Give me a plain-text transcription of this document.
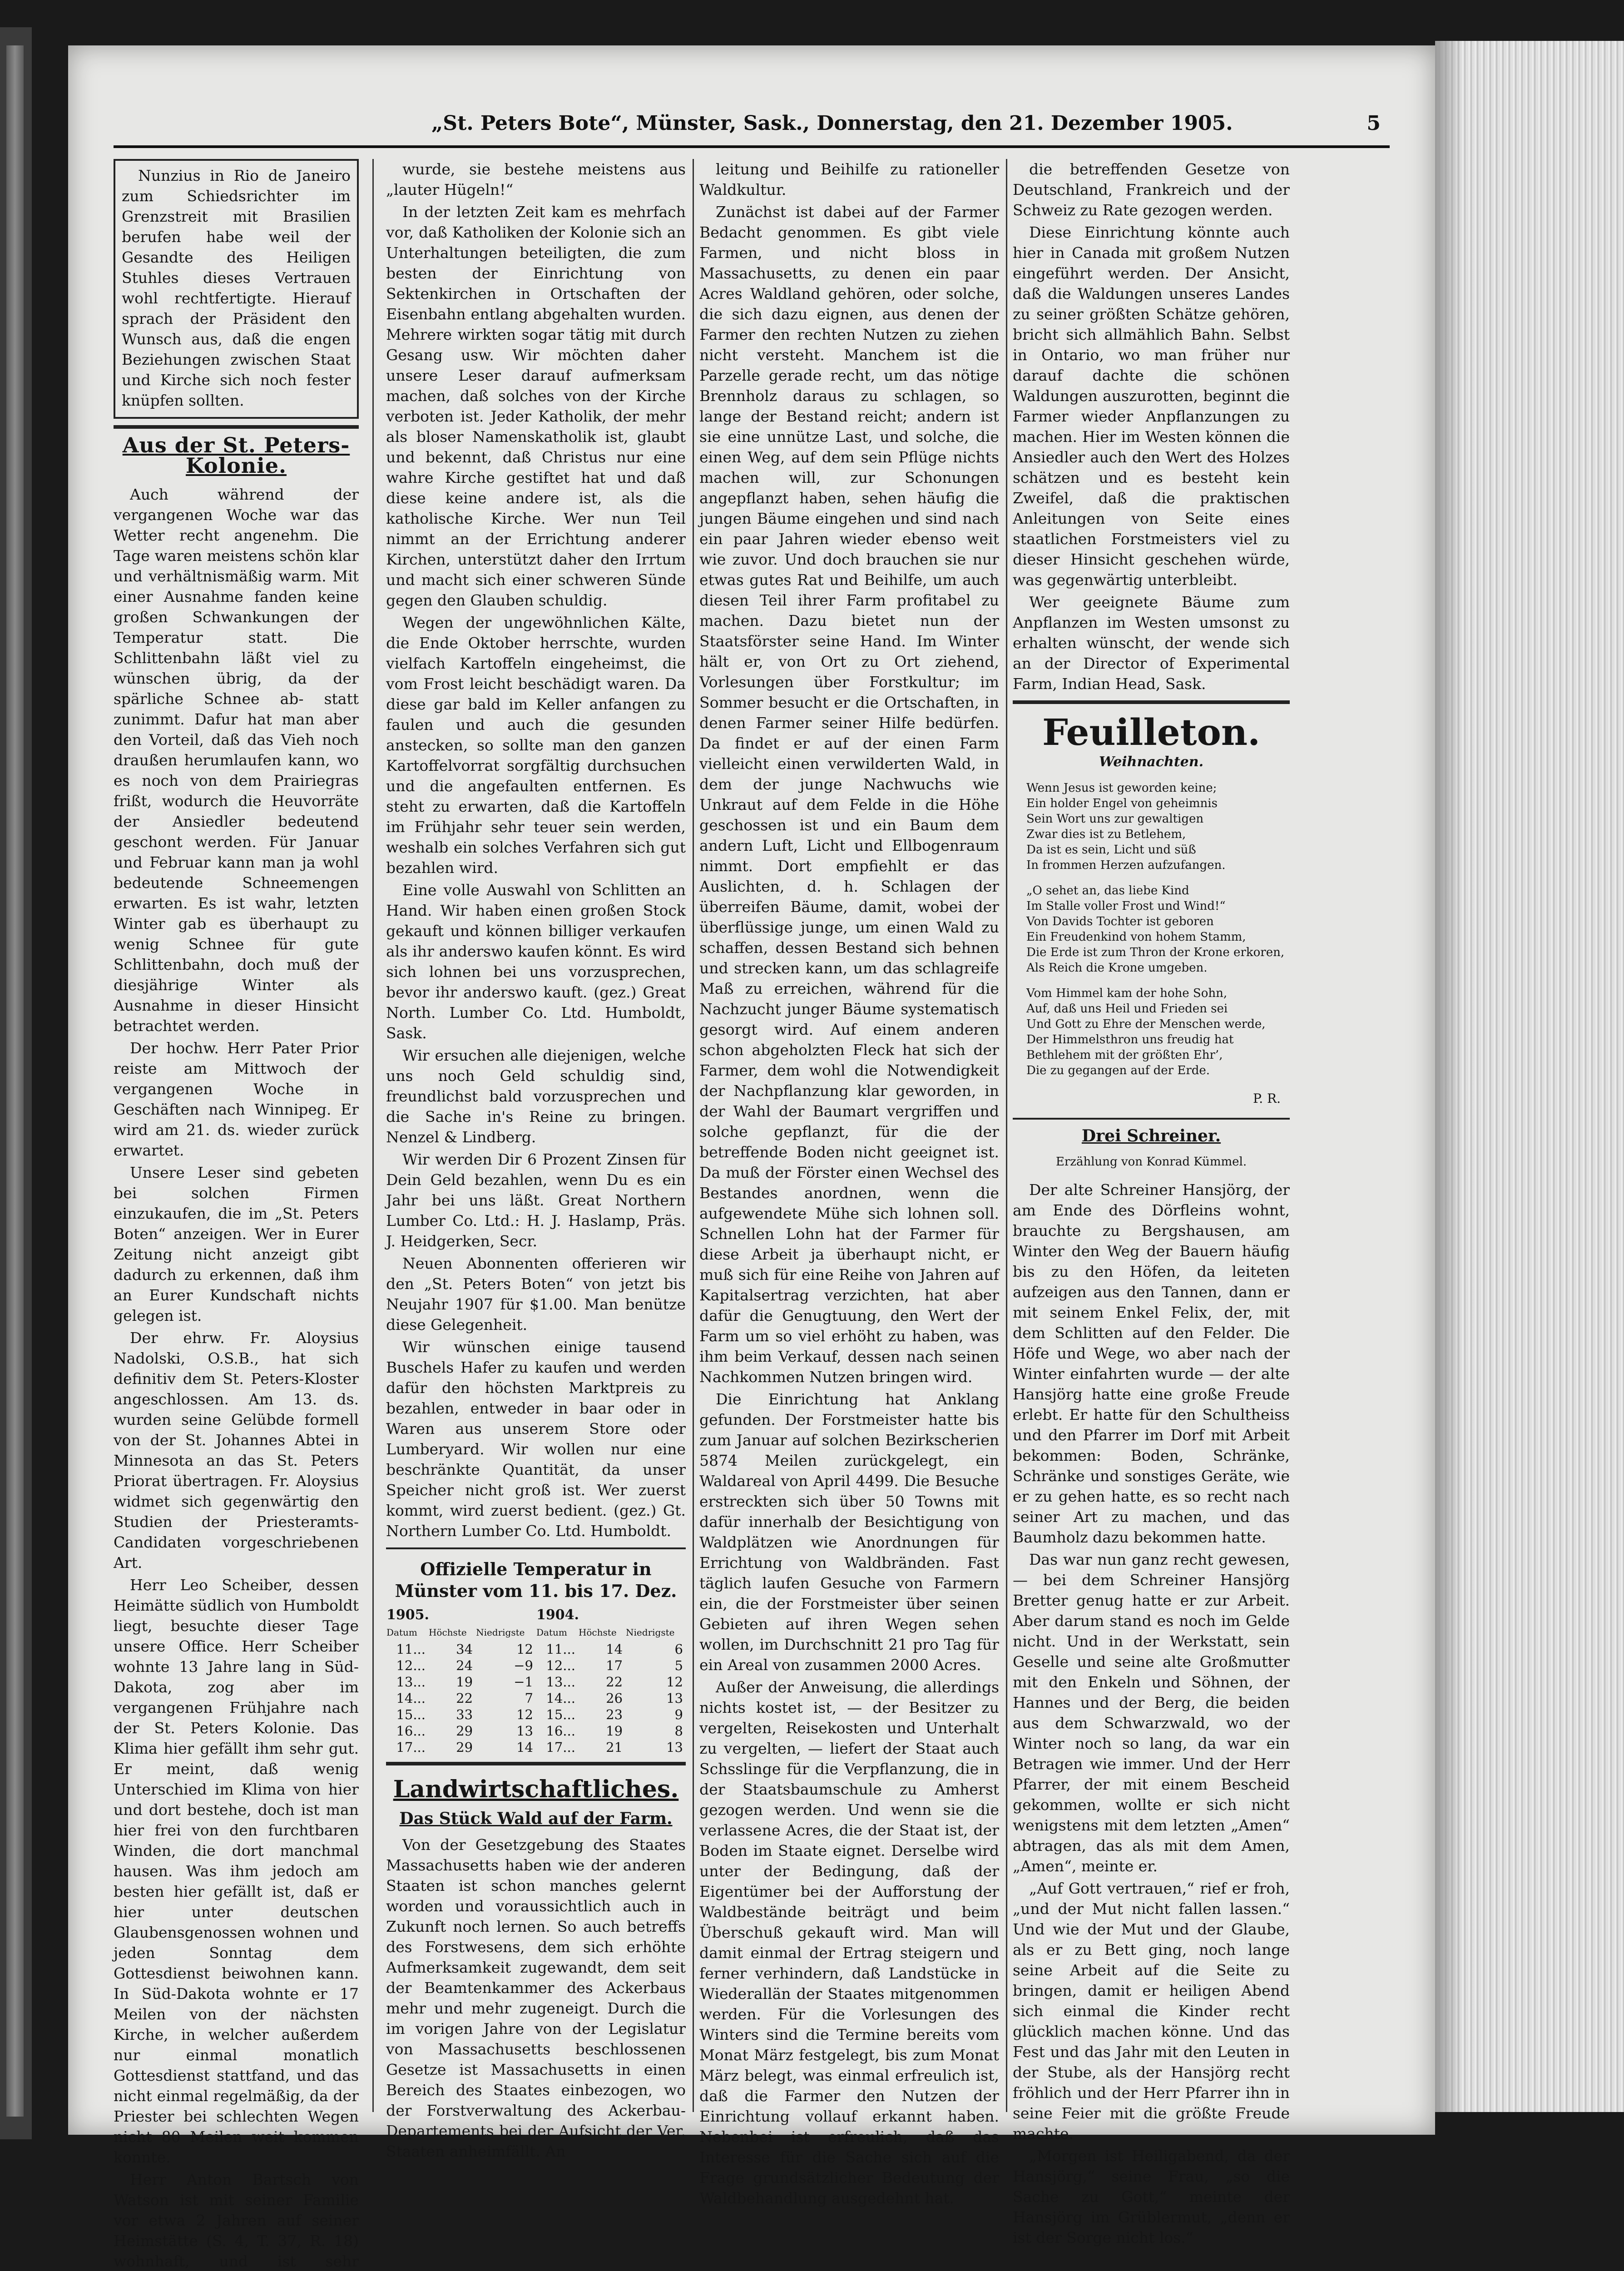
„St. Peters Bote“, Münster, Sask., Donnerstag, den 21. Dezember 1905.	5

Nunzius in Rio de Janeiro zum Schiedsrichter im Grenzstreit mit Brasilien berufen habe weil der Gesandte des Heiligen Stuhles dieses Vertrauen wohl rechtfertigte. Hierauf sprach der Präsident den Wunsch aus, daß die engen Beziehungen zwischen Staat und Kirche sich noch fester knüpfen sollten.

Aus der St. Peters-Kolonie.

Auch während der vergangenen Woche war das Wetter recht angenehm. Die Tage waren meistens schön klar und verhältnismäßig warm. Mit einer Ausnahme fanden keine großen Schwankungen der Temperatur statt. Die Schlittenbahn läßt viel zu wünschen übrig, da der spärliche Schnee ab- statt zunimmt. Dafur hat man aber den Vorteil, daß das Vieh noch draußen herumlaufen kann, wo es noch von dem Prairiegras frißt, wodurch die Heuvorräte der Ansiedler bedeutend geschont werden. Für Januar und Februar kann man ja wohl bedeutende Schneemengen erwarten. Es ist wahr, letzten Winter gab es überhaupt zu wenig Schnee für gute Schlittenbahn, doch muß der diesjährige Winter als Ausnahme in dieser Hinsicht betrachtet werden.

Der hochw. Herr Pater Prior reiste am Mittwoch der vergangenen Woche in Geschäften nach Winnipeg. Er wird am 21. ds. wieder zurück erwartet.

Unsere Leser sind gebeten bei solchen Firmen einzukaufen, die im „St. Peters Boten“ anzeigen. Wer in Eurer Zeitung nicht anzeigt gibt dadurch zu erkennen, daß ihm an Eurer Kundschaft nichts gelegen ist.

Der ehrw. Fr. Aloysius Nadolski, O.S.B., hat sich definitiv dem St. Peters-Kloster angeschlossen. Am 13. ds. wurden seine Gelübde formell von der St. Johannes Abtei in Minnesota an das St. Peters Priorat übertragen. Fr. Aloysius widmet sich gegenwärtig den Studien der Priesteramts-Candidaten vorgeschriebenen Art.

Herr Leo Scheiber, dessen Heimätte südlich von Humboldt liegt, besuchte dieser Tage unsere Office. Herr Scheiber wohnte 13 Jahre lang in Süd-Dakota, zog aber im vergangenen Frühjahre nach der St. Peters Kolonie. Das Klima hier gefällt ihm sehr gut. Er meint, daß wenig Unterschied im Klima von hier und dort bestehe, doch ist man hier frei von den furchtbaren Winden, die dort manchmal hausen. Was ihm jedoch am besten hier gefällt ist, daß er hier unter deutschen Glaubensgenossen wohnen und jeden Sonntag dem Gottesdienst beiwohnen kann. In Süd-Dakota wohnte er 17 Meilen von der nächsten Kirche, in welcher außerdem nur einmal monatlich Gottesdienst stattfand, und das nicht einmal regelmäßig, da der Priester bei schlechten Wegen nicht 80 Meilen weit kommen konnte.

Herr Anton Bartsch von Watson ist mit seiner Familie vor etwa 2 Jahren auf seiner Heimstätte (S. 4, T. 37, R. 18) wohnhaft, und ist sehr

wurde, sie bestehe meistens aus „lauter Hügeln!“

In der letzten Zeit kam es mehrfach vor, daß Katholiken der Kolonie sich an Unterhaltungen beteiligten, die zum besten der Einrichtung von Sektenkirchen in Ortschaften der Eisenbahn entlang abgehalten wurden. Mehrere wirkten sogar tätig mit durch Gesang usw. Wir möchten daher unsere Leser darauf aufmerksam machen, daß solches von der Kirche verboten ist. Jeder Katholik, der mehr als bloser Namenskatholik ist, glaubt und bekennt, daß Christus nur eine wahre Kirche gestiftet hat und daß diese keine andere ist, als die katholische Kirche. Wer nun Teil nimmt an der Errichtung anderer Kirchen, unterstützt daher den Irrtum und macht sich einer schweren Sünde gegen den Glauben schuldig.

Wegen der ungewöhnlichen Kälte, die Ende Oktober herrschte, wurden vielfach Kartoffeln eingeheimst, die vom Frost leicht beschädigt waren. Da diese gar bald im Keller anfangen zu faulen und auch die gesunden anstecken, so sollte man den ganzen Kartoffelvorrat sorgfältig durchsuchen und die angefaulten entfernen. Es steht zu erwarten, daß die Kartoffeln im Frühjahr sehr teuer sein werden, weshalb ein solches Verfahren sich gut bezahlen wird.

Eine volle Auswahl von Schlitten an Hand. Wir haben einen großen Stock gekauft und können billiger verkaufen als ihr anderswo kaufen könnt. Es wird sich lohnen bei uns vorzusprechen, bevor ihr anderswo kauft. (gez.) Great North. Lumber Co. Ltd. Humboldt, Sask.

Wir ersuchen alle diejenigen, welche uns noch Geld schuldig sind, freundlichst bald vorzusprechen und die Sache in's Reine zu bringen. Nenzel & Lindberg.

Wir werden Dir 6 Prozent Zinsen für Dein Geld bezahlen, wenn Du es ein Jahr bei uns läßt. Great Northern Lumber Co. Ltd.: H. J. Haslamp, Präs. J. Heidgerken, Secr.

Neuen Abonnenten offerieren wir den „St. Peters Boten“ von jetzt bis Neujahr 1907 für $1.00. Man benütze diese Gelegenheit.

Wir wünschen einige tausend Buschels Hafer zu kaufen und werden dafür den höchsten Marktpreis zu bezahlen, entweder in baar oder in Waren aus unserem Store oder Lumberyard. Wir wollen nur eine beschränkte Quantität, da unser Speicher nicht groß ist. Wer zuerst kommt, wird zuerst bedient. (gez.) Gt. Northern Lumber Co. Ltd. Humboldt.

Offizielle Temperatur in Münster vom 11. bis 17. Dez.
1905.			1904.		
Datum	Höchste	Niedrigste	Datum	Höchste	Niedrigste
11...	34	12	11...	14	6
12...	24	−9	12...	17	5
13...	19	−1	13...	22	12
14...	22	7	14...	26	13
15...	33	12	15...	23	9
16...	29	13	16...	19	8
17...	29	14	17...	21	13
Landwirtschaftliches.
Das Stück Wald auf der Farm.

Von der Gesetzgebung des Staates Massachusetts haben wie der anderen Staaten ist schon manches gelernt worden und voraussichtlich auch in Zukunft noch lernen. So auch betreffs des Forstwesens, dem sich erhöhte Aufmerksamkeit zugewandt, dem seit der Beamtenkammer des Ackerbaus mehr und mehr zugeneigt. Durch die im vorigen Jahre von der Legislatur von Massachusetts beschlossenen Gesetze ist Massachusetts in einen Bereich des Staates einbezogen, wo der Forstverwaltung des Ackerbau-Departements bei der Aufsicht der Ver. Staaten anheimfällt. An

leitung und Beihilfe zu rationeller Waldkultur.

Zunächst ist dabei auf der Farmer Bedacht genommen. Es gibt viele Farmen, und nicht bloss in Massachusetts, zu denen ein paar Acres Waldland gehören, oder solche, die sich dazu eignen, aus denen der Farmer den rechten Nutzen zu ziehen nicht versteht. Manchem ist die Parzelle gerade recht, um das nötige Brennholz daraus zu schlagen, so lange der Bestand reicht; andern ist sie eine unnütze Last, und solche, die einen Weg, auf dem sein Pflüge nichts machen will, zur Schonungen angepflanzt haben, sehen häufig die jungen Bäume eingehen und sind nach ein paar Jahren wieder ebenso weit wie zuvor. Und doch brauchen sie nur etwas gutes Rat und Beihilfe, um auch diesen Teil ihrer Farm profitabel zu machen. Dazu bietet nun der Staatsförster seine Hand. Im Winter hält er, von Ort zu Ort ziehend, Vorlesungen über Forstkultur; im Sommer besucht er die Ortschaften, in denen Farmer seiner Hilfe bedürfen. Da findet er auf der einen Farm vielleicht einen verwilderten Wald, in dem der junge Nachwuchs wie Unkraut auf dem Felde in die Höhe geschossen ist und ein Baum dem andern Luft, Licht und Ellbogenraum nimmt. Dort empfiehlt er das Auslichten, d. h. Schlagen der überreifen Bäume, damit, wobei der überflüssige junge, um einen Wald zu schaffen, dessen Bestand sich behnen und strecken kann, um das schlagreife Maß zu erreichen, während für die Nachzucht junger Bäume systematisch gesorgt wird. Auf einem anderen schon abgeholzten Fleck hat sich der Farmer, dem wohl die Notwendigkeit der Nachpflanzung klar geworden, in der Wahl der Baumart vergriffen und solche gepflanzt, für die der betreffende Boden nicht geeignet ist. Da muß der Förster einen Wechsel des Bestandes anordnen, wenn die aufgewendete Mühe sich lohnen soll. Schnellen Lohn hat der Farmer für diese Arbeit ja überhaupt nicht, er muß sich für eine Reihe von Jahren auf Kapitalsertrag verzichten, hat aber dafür die Genugtuung, den Wert der Farm um so viel erhöht zu haben, was ihm beim Verkauf, dessen nach seinen Nachkommen Nutzen bringen wird.

Die Einrichtung hat Anklang gefunden. Der Forstmeister hatte bis zum Januar auf solchen Bezirkscherien 5874 Meilen zurückgelegt, ein Waldareal von April 4499. Die Besuche erstreckten sich über 50 Towns mit dafür innerhalb der Besichtigung von Waldplätzen wie Anordnungen für Errichtung von Waldbränden. Fast täglich laufen Gesuche von Farmern ein, die der Forstmeister über seinen Gebieten auf ihren Wegen sehen wollen, im Durchschnitt 21 pro Tag für ein Areal von zusammen 2000 Acres.

Außer der Anweisung, die allerdings nichts kostet ist, — der Besitzer zu vergelten, Reisekosten und Unterhalt zu vergelten, — liefert der Staat auch Schsslinge für die Verpflanzung, die in der Staatsbaumschule zu Amherst gezogen werden. Und wenn sie die verlassene Acres, die der Staat ist, der Boden im Staate eignet. Derselbe wird unter der Bedingung, daß der Eigentümer bei der Aufforstung der Waldbestände beiträgt und beim Überschuß gekauft wird. Man will damit einmal der Ertrag steigern und ferner verhindern, daß Landstücke in Wiederallän der Staates mitgenommen werden. Für die Vorlesungen des Winters sind die Termine bereits vom Monat März festgelegt, bis zum Monat März belegt, was einmal erfreulich ist, daß die Farmer den Nutzen der Einrichtung vollauf erkannt haben. Nebenbei ist erfreulich, daß das Interesse für die Sache sich auf die Frage grundsätzlicher Bedeutung der Waldbehandlung ausgedehnt hat.

die betreffenden Gesetze von Deutschland, Frankreich und der Schweiz zu Rate gezogen werden.

Diese Einrichtung könnte auch hier in Canada mit großem Nutzen eingeführt werden. Der Ansicht, daß die Waldungen unseres Landes zu seiner größten Schätze gehören, bricht sich allmählich Bahn. Selbst in Ontario, wo man früher nur darauf dachte die schönen Waldungen auszurotten, beginnt die Farmer wieder Anpflanzungen zu machen. Hier im Westen können die Ansiedler auch den Wert des Holzes schätzen und es besteht kein Zweifel, daß die praktischen Anleitungen von Seite eines staatlichen Forstmeisters viel zu dieser Hinsicht geschehen würde, was gegenwärtig unterbleibt.

Wer geeignete Bäume zum Anpflanzen im Westen umsonst zu erhalten wünscht, der wende sich an der Director of Experimental Farm, Indian Head, Sask.

Feuilleton.
Weihnachten.
Wenn Jesus ist geworden keine;
Ein holder Engel von geheimnis
Sein Wort uns zur gewaltigen
Zwar dies ist zu Betlehem,
Da ist es sein, Licht und süß
In frommen Herzen aufzufangen.
„O sehet an, das liebe Kind
Im Stalle voller Frost und Wind!“
Von Davids Tochter ist geboren
Ein Freudenkind von hohem Stamm,
Die Erde ist zum Thron der Krone erkoren,
Als Reich die Krone umgeben.
Vom Himmel kam der hohe Sohn,
Auf, daß uns Heil und Frieden sei
Und Gott zu Ehre der Menschen werde,
Der Himmelsthron uns freudig hat
Bethlehem mit der größten Ehr’,
Die zu gegangen auf der Erde.
P. R.
Drei Schreiner.
Erzählung von Konrad Kümmel.

Der alte Schreiner Hansjörg, der am Ende des Dörfleins wohnt, brauchte zu Bergshausen, am Winter den Weg der Bauern häufig bis zu den Höfen, da leiteten aufzeigen aus den Tannen, dann er mit seinem Enkel Felix, der, mit dem Schlitten auf den Felder. Die Höfe und Wege, wo aber nach der Winter einfahrten wurde — der alte Hansjörg hatte eine große Freude erlebt. Er hatte für den Schultheiss und den Pfarrer im Dorf mit Arbeit bekommen: Boden, Schränke, Schränke und sonstiges Geräte, wie er zu gehen hatte, es so recht nach seiner Art zu machen, und das Baumholz dazu bekommen hatte.

Das war nun ganz recht gewesen, — bei dem Schreiner Hansjörg Bretter genug hatte er zur Arbeit. Aber darum stand es noch im Gelde nicht. Und in der Werkstatt, sein Geselle und seine alte Großmutter mit den Enkeln und Söhnen, der Hannes und der Berg, die beiden aus dem Schwarzwald, wo der Winter noch so lang, da war ein Betragen wie immer. Und der Herr Pfarrer, der mit einem Bescheid gekommen, wollte er sich nicht wenigstens mit dem letzten „Amen“ abtragen, das als mit dem Amen, „Amen“, meinte er.

„Auf Gott vertrauen,“ rief er froh, „und der Mut nicht fallen lassen.“ Und wie der Mut und der Glaube, als er zu Bett ging, noch lange seine Arbeit auf die Seite zu bringen, damit er heiligen Abend sich einmal die Kinder recht glücklich machen könne. Und das Fest und das Jahr mit den Leuten in der Stube, als der Hansjörg recht fröhlich und der Herr Pfarrer ihn in seine Feier mit die größte Freude machte.

„Morgen ist Heiligabend, da der Hansjörg,“ seine Frau, „so die Sache zu Gott,“ meinte der Hansjörg im Grüblermut, „denn er ist der Sorge nicht los.“
